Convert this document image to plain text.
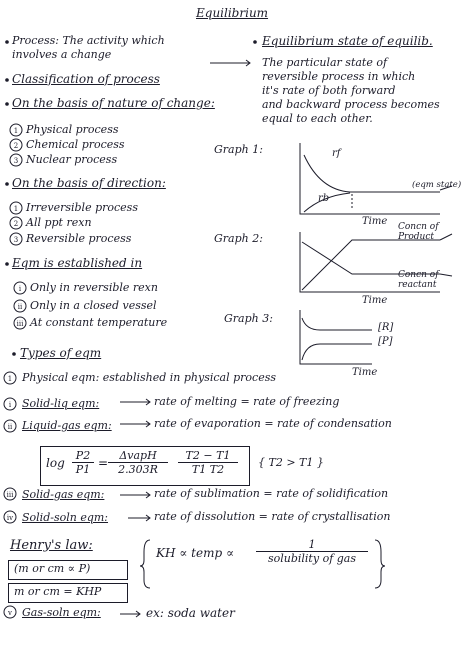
Equilibrium
1
2
3
1
2
3
i
ii
iii
1
i
ii
iii
iv
v
Process: The activity which involves a change
Classification of process
On the basis of nature of change:
Physical process
Chemical process
Nuclear process
On the basis of direction:
Irreversible process
All ppt rexn
Reversible process
Eqm is established in
Only in reversible rexn
Only in a closed vessel
At constant temperature
Equilibrium state of equilib.
The particular state of
reversible process in which
it's rate of both forward
and backward process becomes
equal to each other.
Graph 1:	rf
rb
(eqm state)
Time
Graph 2:
Concn of Product
Concn of reactant
Time
Graph 3:
[R]
[P]
Time
Types of eqm
Physical eqm: established in physical process
Solid-liq eqm:	rate of melting = rate of freezing
Liquid-gas eqm:	rate of evaporation = rate of condensation
$\log \frac{P2}{P1}$ =
ΔvapH
2.303R	$\frac{T2 - T1}{T1 T2}$ { T2 > T1 }
Solid-gas eqm:	rate of sublimation = rate of solidification
Solid-soln eqm:	rate of dissolution = rate of crystallisation
Henry's law:
(m or cm ∝ P)
m or cm = KHP
KH ∝ temp ∝
1
solubility of gas
Gas-soln eqm:	ex: soda water
